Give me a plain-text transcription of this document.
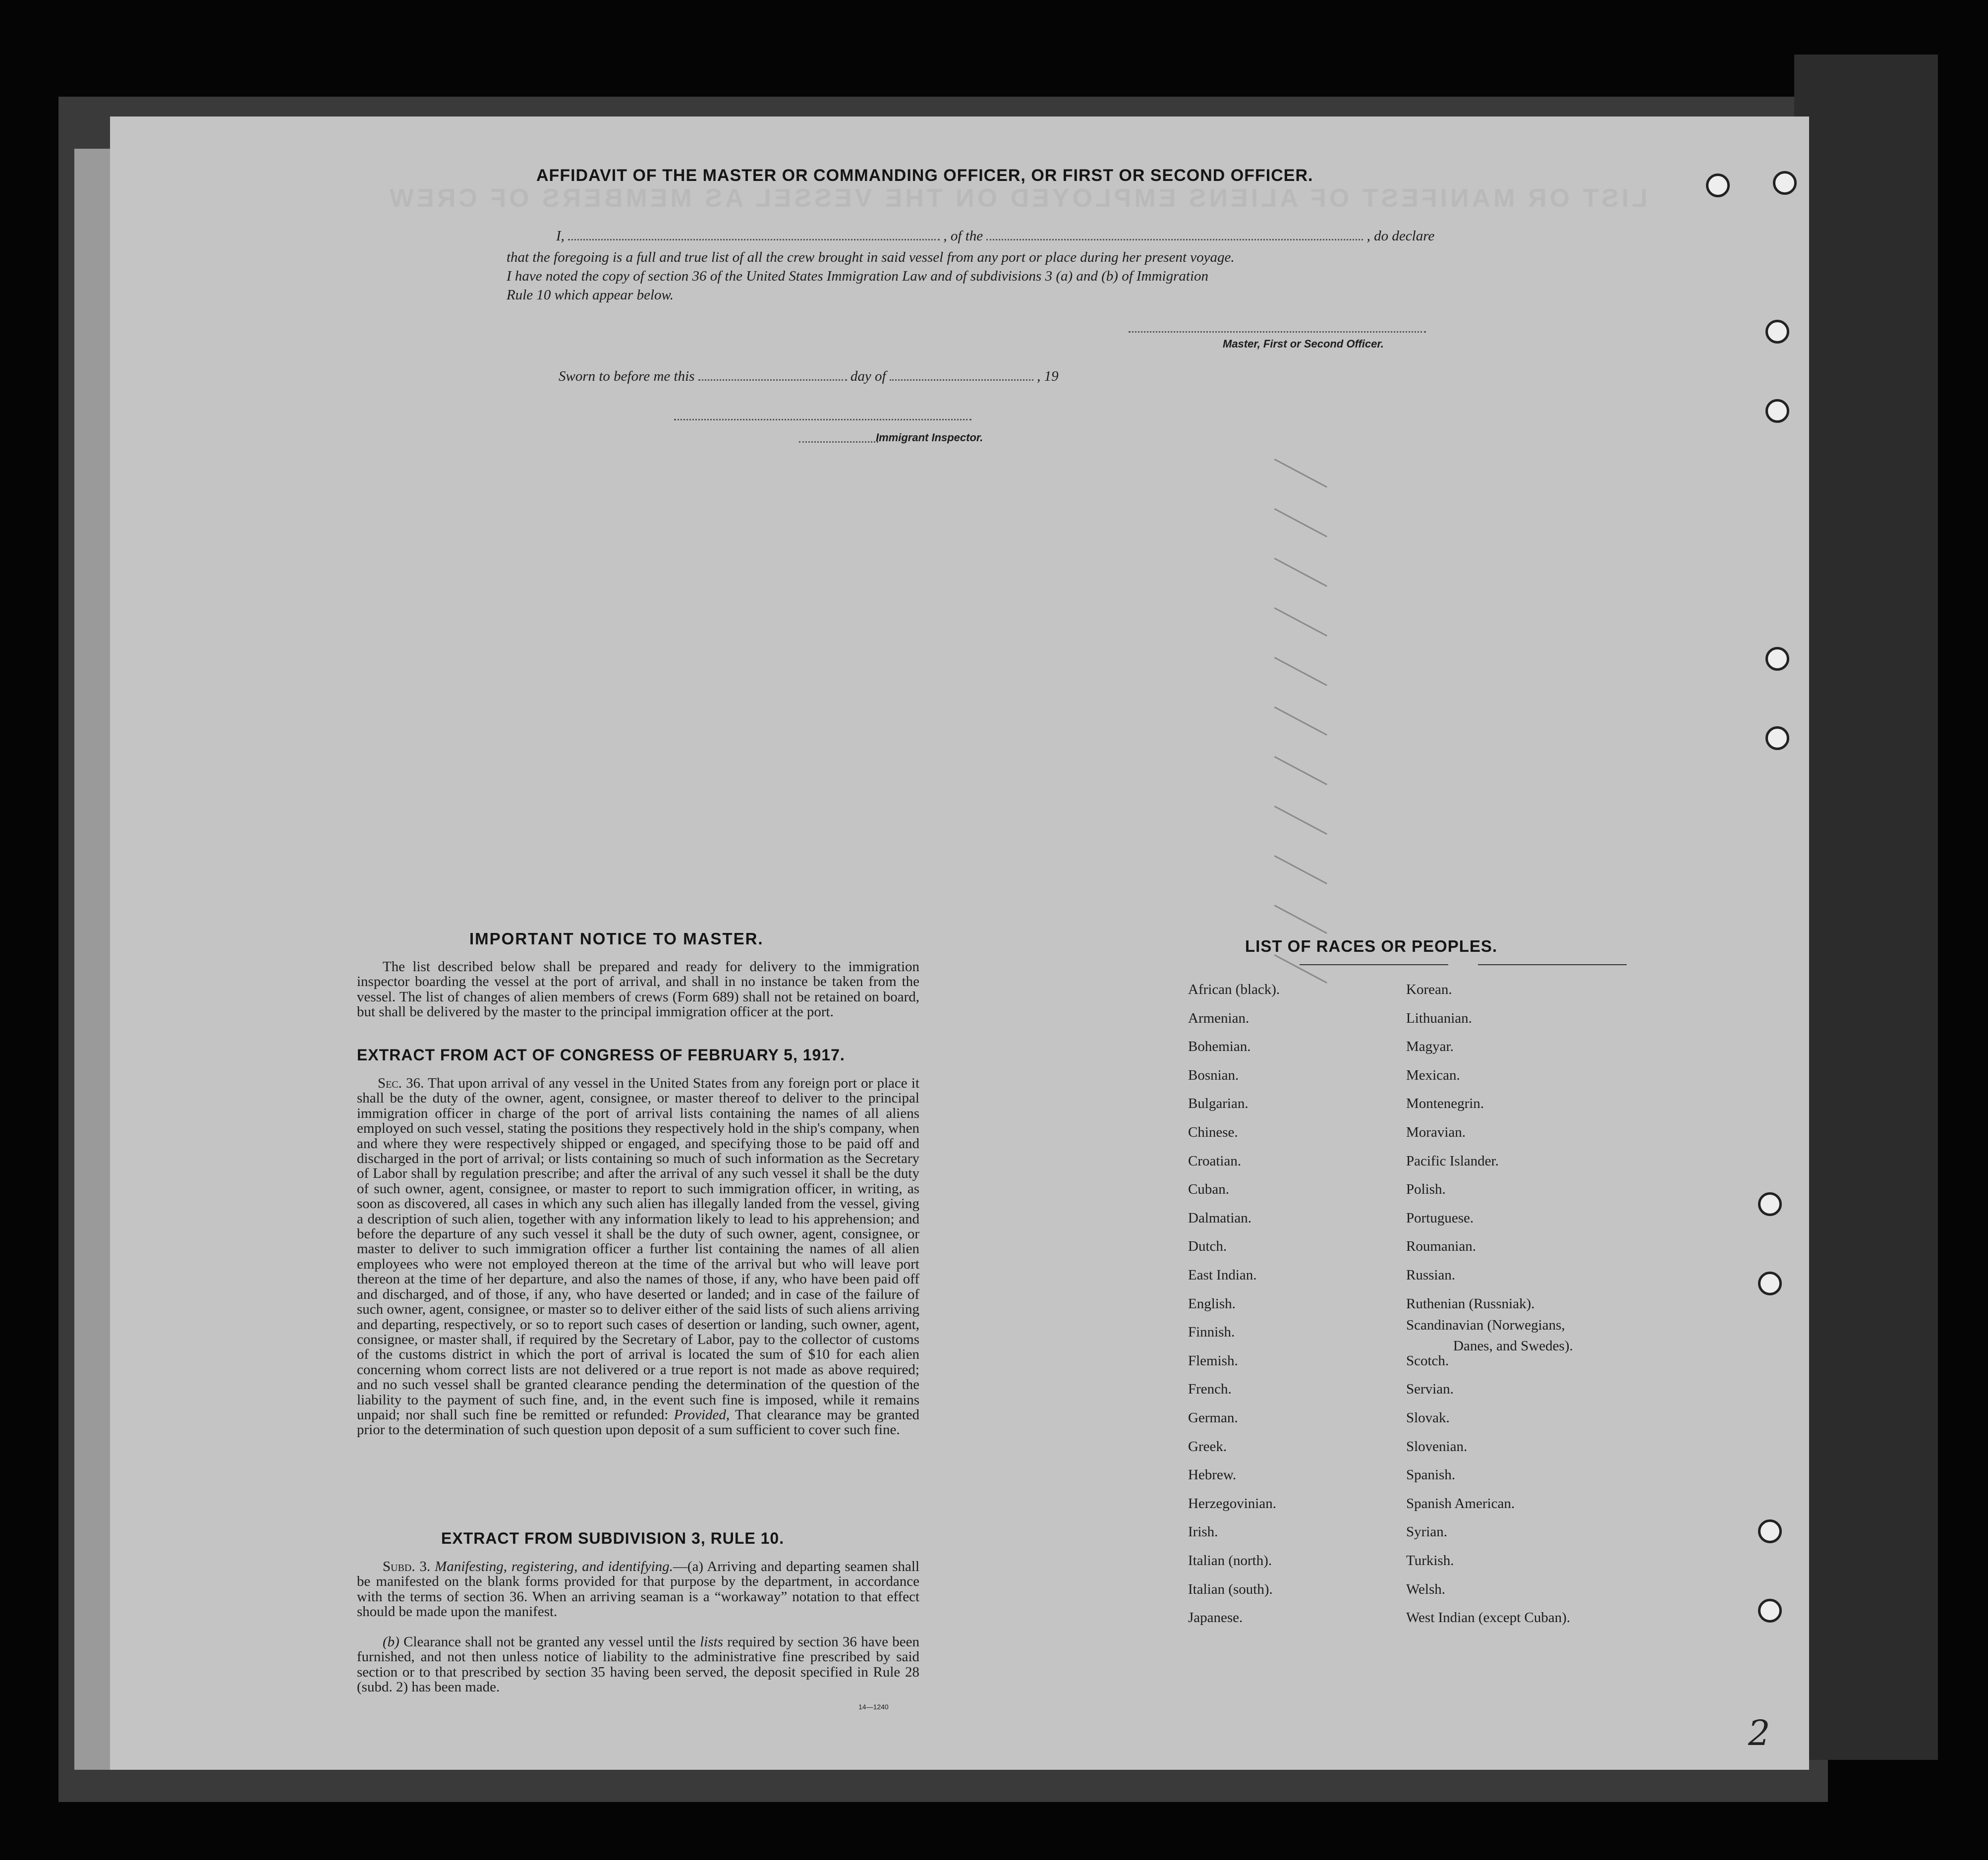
LIST OR MANIFEST OF ALIENS EMPLOYED ON THE VESSEL AS MEMBERS OF CREW
AFFIDAVIT OF THE MASTER OR COMMANDING OFFICER, OR FIRST OR SECOND OFFICER.
I,	, of the	, do declare
that the foregoing is a full and true list of all the crew brought in said vessel from any port or place during her present voyage.
I have noted the copy of section 36 of the United States Immigration Law and of subdivisions 3 (a) and (b) of Immigration
Rule 10 which appear below.
Master, First or Second Officer.
Sworn to before me this	day of	, 19
Immigrant Inspector.
IMPORTANT NOTICE TO MASTER.
The list described below shall be prepared and ready for delivery to the immigration inspector boarding the vessel at the port of arrival, and shall in no instance be taken from the vessel. The list of changes of alien members of crews (Form 689) shall not be retained on board, but shall be delivered by the master to the principal immigration officer at the port.
EXTRACT FROM ACT OF CONGRESS OF FEBRUARY 5, 1917.
Sec. 36. That upon arrival of any vessel in the United States from any foreign port or place it shall be the duty of the owner, agent, consignee, or master thereof to deliver to the principal immigration officer in charge of the port of arrival lists containing the names of all aliens employed on such vessel, stating the positions they respectively hold in the ship's company, when and where they were respectively shipped or engaged, and specifying those to be paid off and discharged in the port of arrival; or lists containing so much of such information as the Secretary of Labor shall by regulation prescribe; and after the arrival of any such vessel it shall be the duty of such owner, agent, consignee, or master to report to such immigration officer, in writing, as soon as discovered, all cases in which any such alien has illegally landed from the vessel, giving a description of such alien, together with any information likely to lead to his apprehension; and before the departure of any such vessel it shall be the duty of such owner, agent, consignee, or master to deliver to such immigration officer a further list containing the names of all alien employees who were not employed thereon at the time of the arrival but who will leave port thereon at the time of her departure, and also the names of those, if any, who have been paid off and discharged, and of those, if any, who have deserted or landed; and in case of the failure of such owner, agent, consignee, or master so to deliver either of the said lists of such aliens arriving and departing, respectively, or so to report such cases of desertion or landing, such owner, agent, consignee, or master shall, if required by the Secretary of Labor, pay to the collector of customs of the customs district in which the port of arrival is located the sum of $10 for each alien concerning whom correct lists are not delivered or a true report is not made as above required; and no such vessel shall be granted clearance pending the determination of the question of the liability to the payment of such fine, and, in the event such fine is imposed, while it remains unpaid; nor shall such fine be remitted or refunded: Provided, That clearance may be granted prior to the determination of such question upon deposit of a sum sufficient to cover such fine.
EXTRACT FROM SUBDIVISION 3, RULE 10.
Subd. 3. Manifesting, registering, and identifying.—(a) Arriving and departing seamen shall be manifested on the blank forms provided for that purpose by the department, in accordance with the terms of section 36. When an arriving seaman is a “workaway” notation to that effect should be made upon the manifest.
(b) Clearance shall not be granted any vessel until the lists required by section 36 have been furnished, and not then unless notice of liability to the administrative fine prescribed by said section or to that prescribed by section 35 having been served, the deposit specified in Rule 28 (subd. 2) has been made.
14—1240
LIST OF RACES OR PEOPLES.
2
African (black).
Armenian.
Bohemian.
Bosnian.
Bulgarian.
Chinese.
Croatian.
Cuban.
Dalmatian.
Dutch.
East Indian.
English.
Finnish.
Flemish.
French.
German.
Greek.
Hebrew.
Herzegovinian.
Irish.
Italian (north).
Italian (south).
Japanese.
Korean.
Lithuanian.
Magyar.
Mexican.
Montenegrin.
Moravian.
Pacific Islander.
Polish.
Portuguese.
Roumanian.
Russian.
Ruthenian (Russniak).
Scandinavian (Norwegians,
Danes, and Swedes).
Scotch.
Servian.
Slovak.
Slovenian.
Spanish.
Spanish American.
Syrian.
Turkish.
Welsh.
West Indian (except Cuban).
